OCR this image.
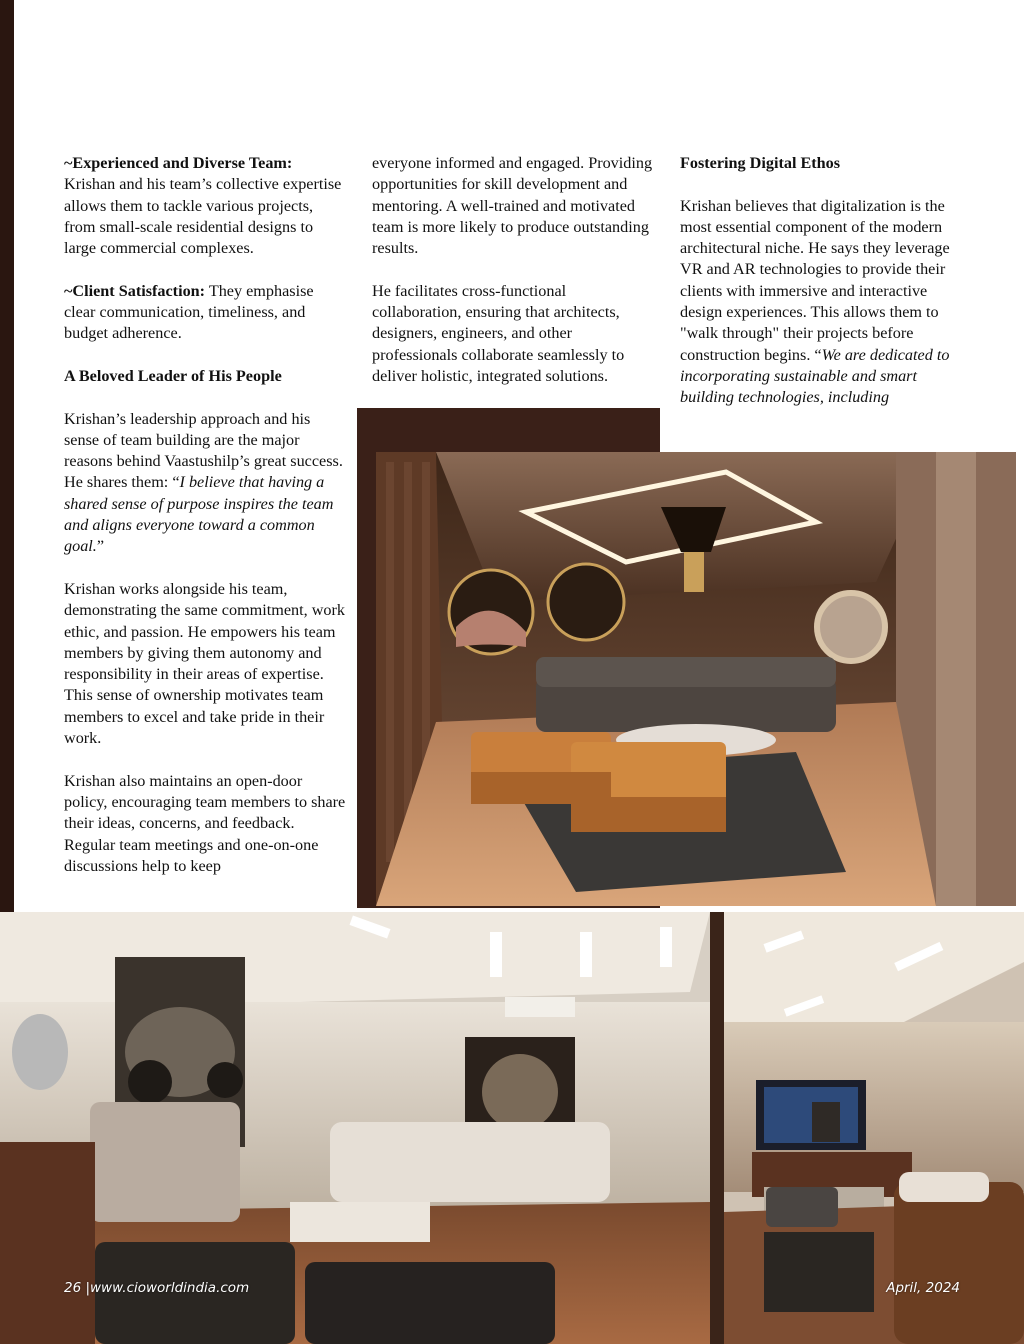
~Experienced and Diverse Team: Krishan and his team’s collective expertise allows them to tackle various projects, from small-scale residential designs to large commercial complexes.

~Client Satisfaction: They emphasise clear communication, timeliness, and budget adherence.

A Beloved Leader of His People

Krishan’s leadership approach and his sense of team building are the major reasons behind Vaastushilp’s great success. He shares them: “I believe that having a shared sense of purpose inspires the team and aligns everyone toward a common goal.”

Krishan works alongside his team, demonstrating the same commitment, work ethic, and passion. He empowers his team members by giving them autonomy and responsibility in their areas of expertise. This sense of ownership motivates team members to excel and take pride in their work.

Krishan also maintains an open-door policy, encouraging team members to share their ideas, concerns, and feedback. Regular team meetings and one-on-one discussions help to keep

everyone informed and engaged. Providing opportunities for skill development and mentoring. A well-trained and motivated team is more likely to produce outstanding results.

He facilitates cross-functional collaboration, ensuring that architects, designers, engineers, and other professionals collaborate seamlessly to deliver holistic, integrated solutions.

Fostering Digital Ethos

Krishan believes that digitalization is the most essential component of the modern architectural niche. He says they leverage VR and AR technologies to provide their clients with immersive and interactive design experiences. This allows them to "walk through" their projects before construction begins. “We are dedicated to incorporating sustainable and smart building technologies, including

26 |www.cioworldindia.com	April, 2024
